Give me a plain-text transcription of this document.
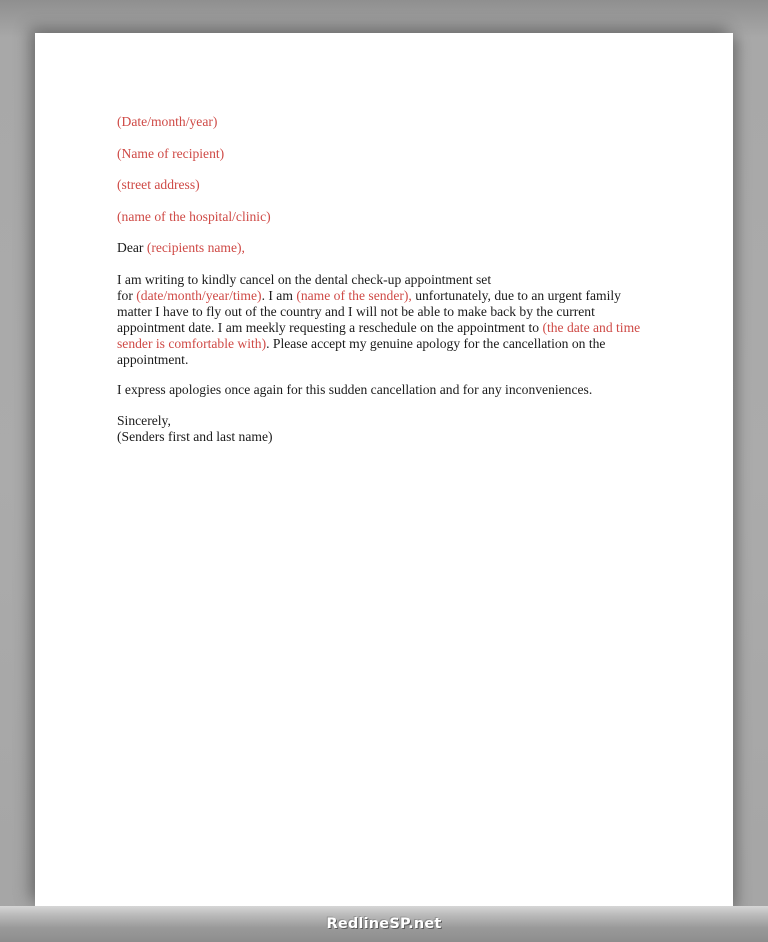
(Date/month/year)
(Name of recipient)
(street address)
(name of the hospital/clinic)
Dear (recipients name),

I am writing to kindly cancel on the dental check-up appointment set
for (date/month/year/time). I am (name of the sender), unfortunately, due to an urgent family matter I have to fly out of the country and I will not be able to make back by the current appointment date. I am meekly requesting a reschedule on the appointment to (the date and time sender is comfortable with). Please accept my genuine apology for the cancellation on the appointment.

I express apologies once again for this sudden cancellation and for any inconveniences.

Sincerely,
(Senders first and last name)
RedlineSP.net
